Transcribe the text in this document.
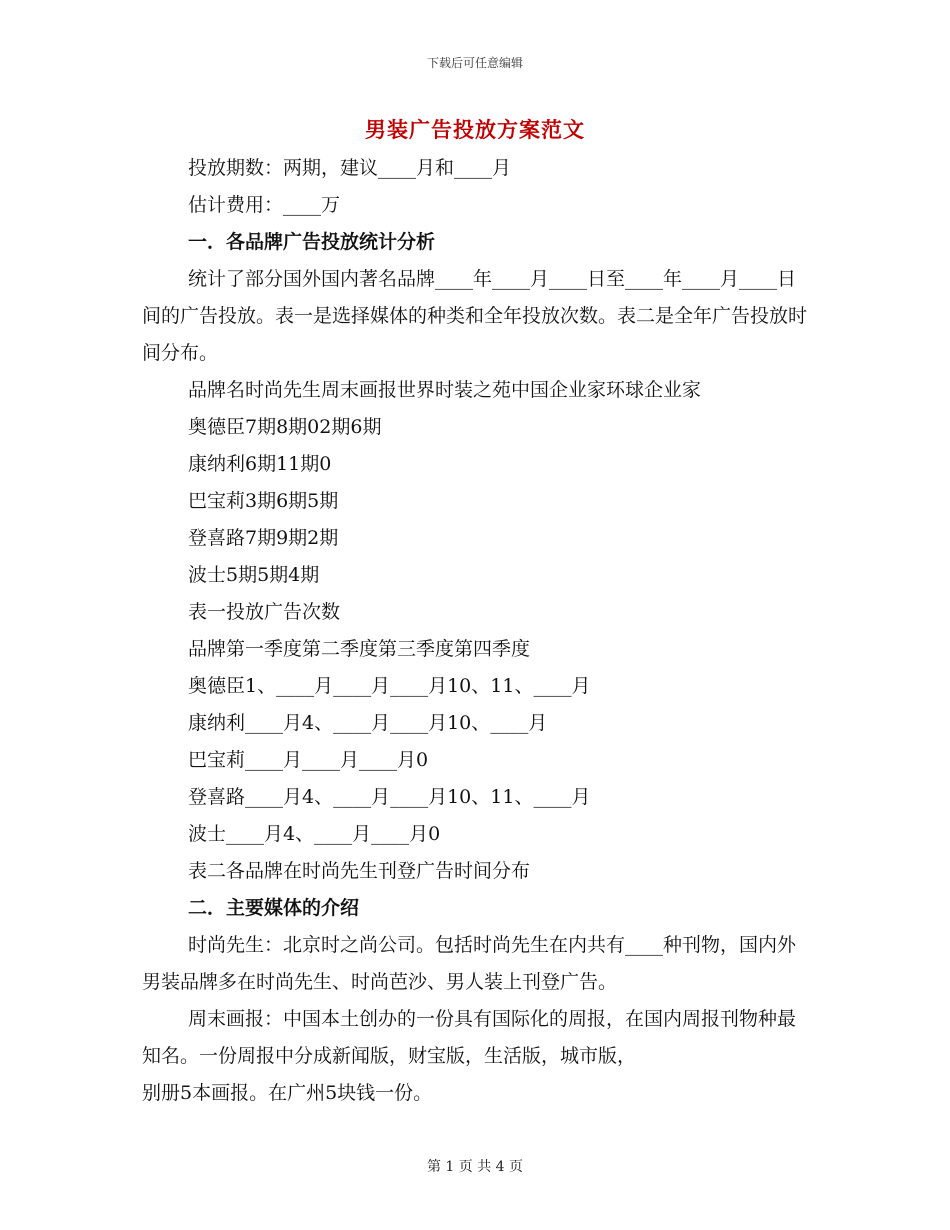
下载后可任意编辑
男装广告投放方案范文
投放期数：两期，建议____月和____月
估计费用：____万
一．各品牌广告投放统计分析
统计了部分国外国内著名品牌____年____月____日至____年____月____日间的广告投放。表一是选择媒体的种类和全年投放次数。表二是全年广告投放时间分布。
品牌名时尚先生周末画报世界时装之苑中国企业家环球企业家
奥德臣7期8期02期6期
康纳利6期11期0
巴宝莉3期6期5期
登喜路7期9期2期
波士5期5期4期
表一投放广告次数
品牌第一季度第二季度第三季度第四季度
奥德臣1、____月____月____月10、11、____月
康纳利____月4、____月____月10、____月
巴宝莉____月____月____月0
登喜路____月4、____月____月10、11、____月
波士____月4、____月____月0
表二各品牌在时尚先生刊登广告时间分布
二．主要媒体的介绍
时尚先生：北京时之尚公司。包括时尚先生在内共有____种刊物，国内外男装品牌多在时尚先生、时尚芭沙、男人装上刊登广告。
周末画报：中国本土创办的一份具有国际化的周报，在国内周报刊物种最知名。一份周报中分成新闻版，财宝版，生活版，城市版，
别册5本画报。在广州5块钱一份。
第 1 页 共 4 页
